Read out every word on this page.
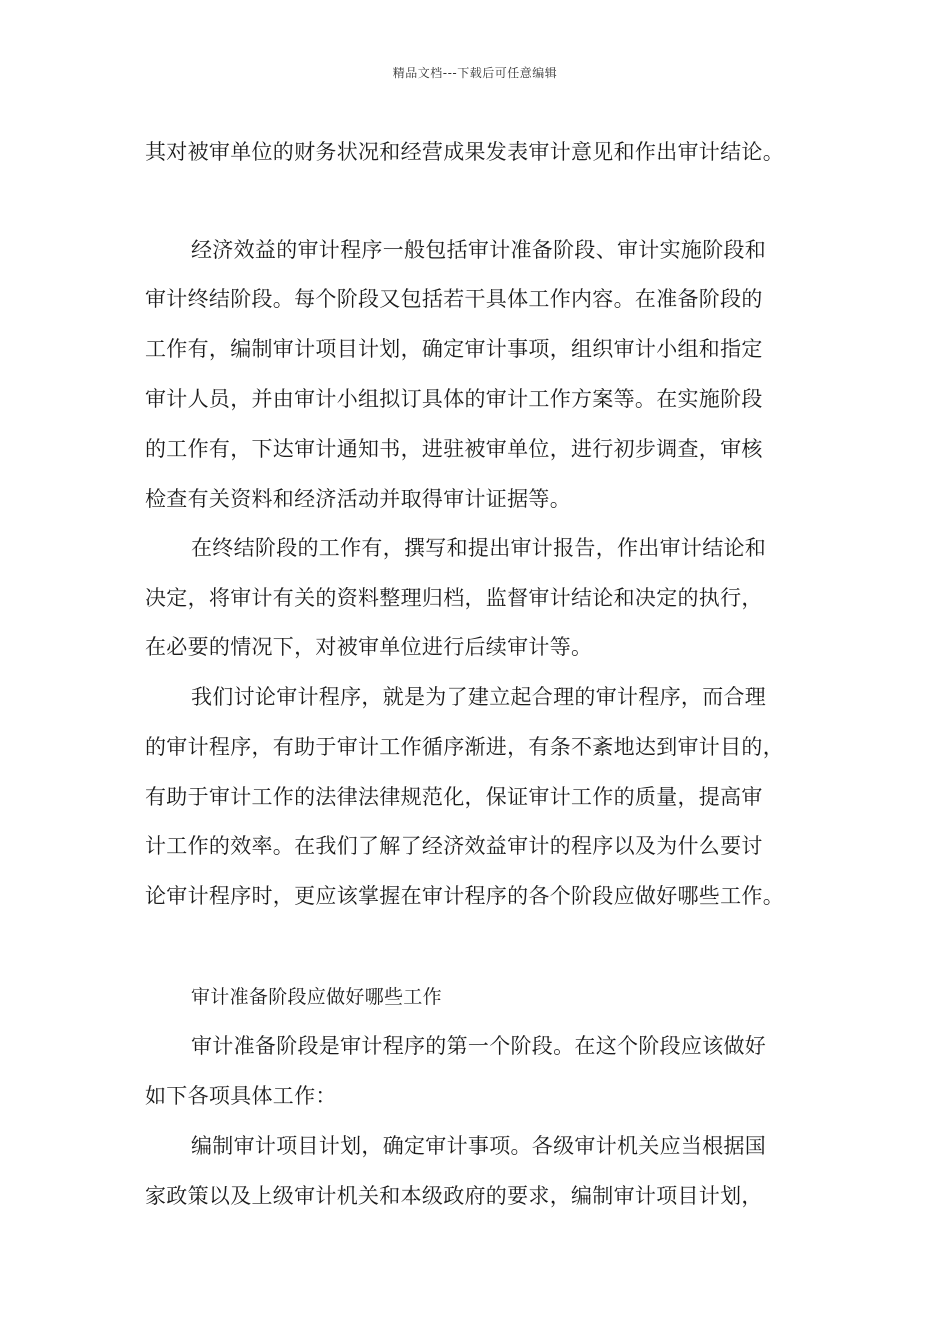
精品文档---下载后可任意编辑
其对被审单位的财务状况和经营成果发表审计意见和作出审计结论。
经济效益的审计程序一般包括审计准备阶段、审计实施阶段和
审计终结阶段。每个阶段又包括若干具体工作内容。在准备阶段的
工作有，编制审计项目计划，确定审计事项，组织审计小组和指定
审计人员，并由审计小组拟订具体的审计工作方案等。在实施阶段
的工作有，下达审计通知书，进驻被审单位，进行初步调查，审核
检查有关资料和经济活动并取得审计证据等。
在终结阶段的工作有，撰写和提出审计报告，作出审计结论和
决定，将审计有关的资料整理归档，监督审计结论和决定的执行，
在必要的情况下，对被审单位进行后续审计等。
我们讨论审计程序，就是为了建立起合理的审计程序，而合理
的审计程序，有助于审计工作循序渐进，有条不紊地达到审计目的，
有助于审计工作的法律法律规范化，保证审计工作的质量，提高审
计工作的效率。在我们了解了经济效益审计的程序以及为什么要讨
论审计程序时，更应该掌握在审计程序的各个阶段应做好哪些工作。
审计准备阶段应做好哪些工作
审计准备阶段是审计程序的第一个阶段。在这个阶段应该做好
如下各项具体工作：
编制审计项目计划，确定审计事项。各级审计机关应当根据国
家政策以及上级审计机关和本级政府的要求，编制审计项目计划，
